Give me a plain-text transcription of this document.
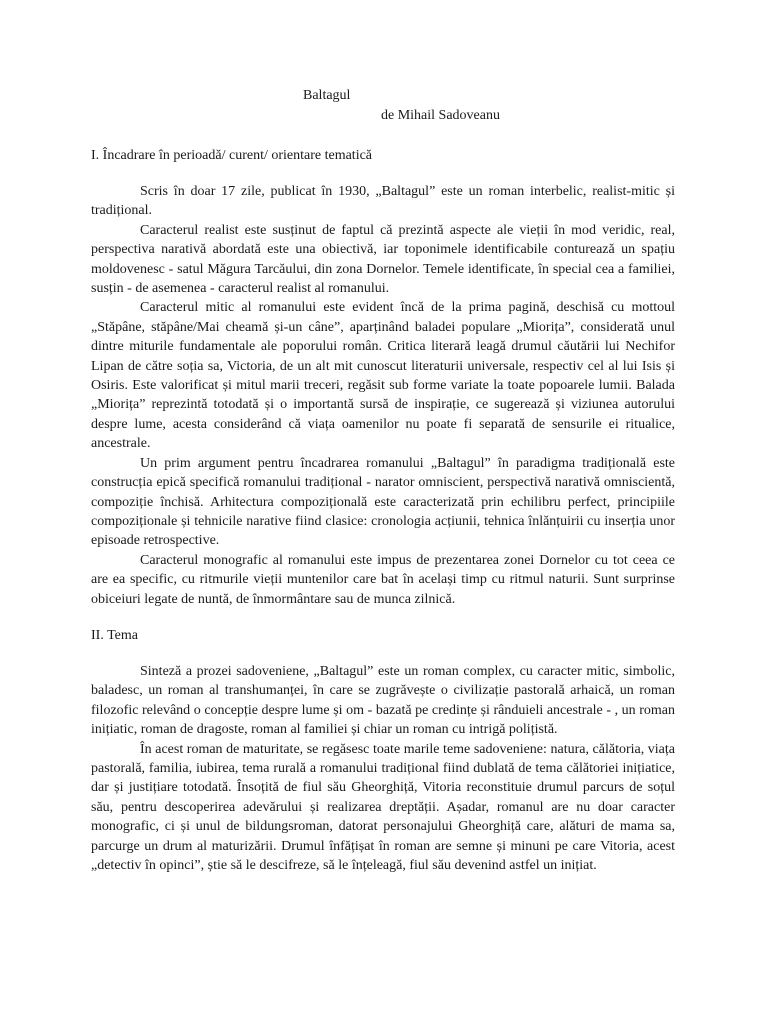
Baltagul

de Mihail Sadoveanu

I. Încadrare în perioadă/ curent/ orientare tematică

Scris în doar 17 zile, publicat în 1930, „Baltagul” este un roman interbelic, realist-mitic și tradițional.

Caracterul realist este susținut de faptul că prezintă aspecte ale vieții în mod veridic, real, perspectiva narativă abordată este una obiectivă, iar toponimele identificabile conturează un spațiu moldovenesc - satul Măgura Tarcăului, din zona Dornelor. Temele identificate, în special cea a familiei, susțin - de asemenea - caracterul realist al romanului.

Caracterul mitic al romanului este evident încă de la prima pagină, deschisă cu mottoul „Stăpâne, stăpâne/Mai cheamă și-un câne”, aparținând baladei populare „Miorița”, considerată unul dintre miturile fundamentale ale poporului român. Critica literară leagă drumul căutării lui Nechifor Lipan de către soția sa, Victoria, de un alt mit cunoscut literaturii universale, respectiv cel al lui Isis și Osiris. Este valorificat și mitul marii treceri, regăsit sub forme variate la toate popoarele lumii. Balada „Miorița” reprezintă totodată și o importantă sursă de inspirație, ce sugerează și viziunea autorului despre lume, acesta considerând că viața oamenilor nu poate fi separată de sensurile ei ritualice, ancestrale.

Un prim argument pentru încadrarea romanului „Baltagul” în paradigma tradițională este construcția epică specifică romanului tradițional - narator omniscient, perspectivă narativă omniscientă, compoziție închisă. Arhitectura compozițională este caracterizată prin echilibru perfect, principiile compoziționale și tehnicile narative fiind clasice: cronologia acțiunii, tehnica înlănțuirii cu inserția unor episoade retrospective.

Caracterul monografic al romanului este impus de prezentarea zonei Dornelor cu tot ceea ce are ea specific, cu ritmurile vieții muntenilor care bat în același timp cu ritmul naturii. Sunt surprinse obiceiuri legate de nuntă, de înmormântare sau de munca zilnică.

II. Tema

Sinteză a prozei sadoveniene, „Baltagul” este un roman complex, cu caracter mitic, simbolic, baladesc, un roman al transhumanței, în care se zugrăvește o civilizație pastorală arhaică, un roman filozofic relevând o concepție despre lume și om - bazată pe credințe și rânduieli ancestrale - , un roman inițiatic, roman de dragoste, roman al familiei și chiar un roman cu intrigă polițistă.

În acest roman de maturitate, se regăsesc toate marile teme sadoveniene: natura, călătoria, viața pastorală, familia, iubirea, tema rurală a romanului tradițional fiind dublată de tema călătoriei inițiatice, dar și justițiare totodată. Însoțită de fiul său Gheorghiță, Vitoria reconstituie drumul parcurs de soțul său, pentru descoperirea adevărului și realizarea dreptății. Așadar, romanul are nu doar caracter monografic, ci și unul de bildungsroman, datorat personajului Gheorghiță care, alături de mama sa, parcurge un drum al maturizării. Drumul înfățișat în roman are semne și minuni pe care Vitoria, acest „detectiv în opinci”, știe să le descifreze, să le înțeleagă, fiul său devenind astfel un inițiat.
